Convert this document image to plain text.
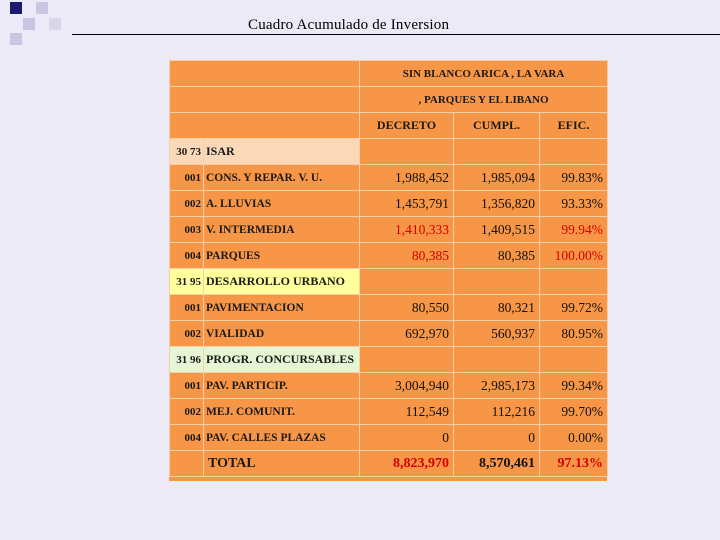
Cuadro Acumulado de Inversion
		SIN BLANCO ARICA , LA VARA		
		, PARQUES Y EL LIBANO		
		DECRETO	CUMPL.	EFIC.
30 73	ISAR			
001	CONS. Y REPAR. V. U.	1,988,452	1,985,094	99.83%
002	A. LLUVIAS	1,453,791	1,356,820	93.33%
003	V. INTERMEDIA	1,410,333	1,409,515	99.94%
004	PARQUES	80,385	80,385	100.00%
31 95	DESARROLLO URBANO			
001	PAVIMENTACION	80,550	80,321	99.72%
002	VIALIDAD	692,970	560,937	80.95%
31 96	PROGR. CONCURSABLES			
001	PAV. PARTICIP.	3,004,940	2,985,173	99.34%
002	MEJ. COMUNIT.	112,549	112,216	99.70%
004	PAV. CALLES PLAZAS	0	0	0.00%
	TOTAL	8,823,970	8,570,461	97.13%
